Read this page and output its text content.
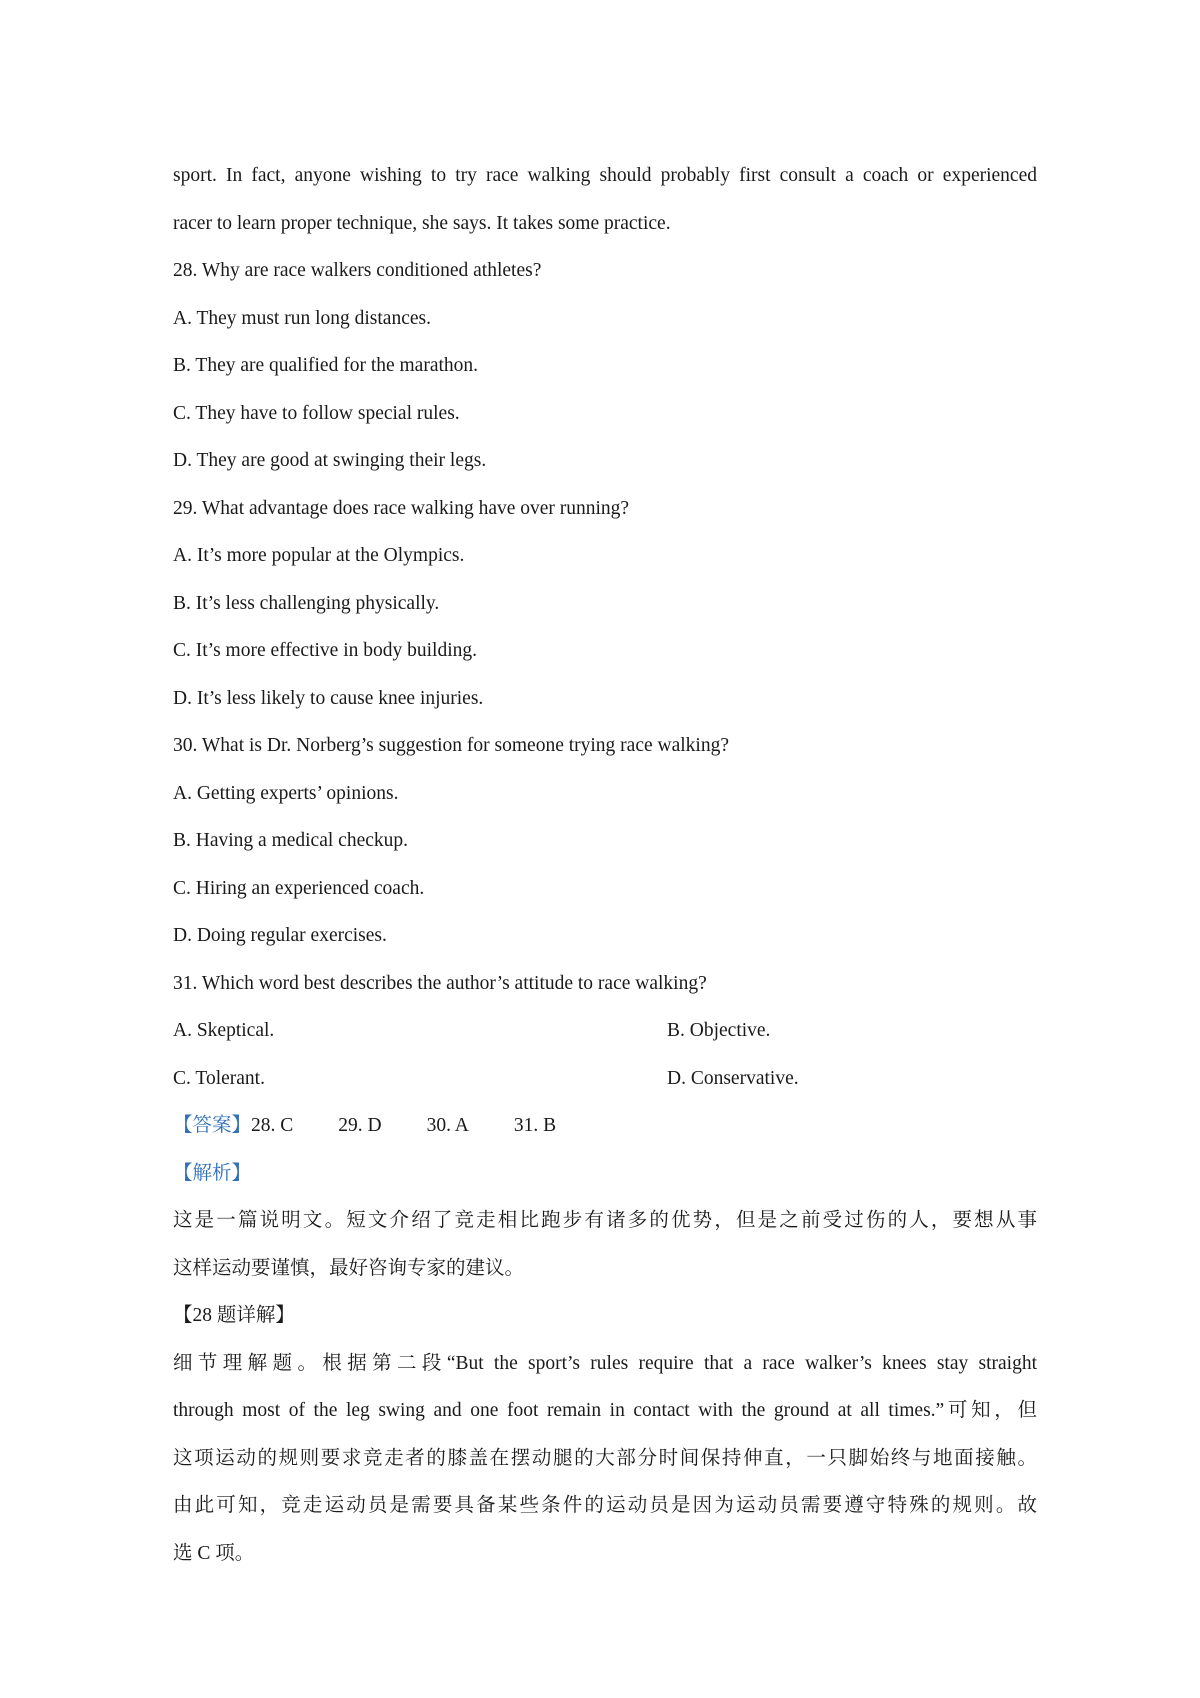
sport. In fact, anyone wishing to try race walking should probably first consult a coach or experienced
racer to learn proper technique, she says. It takes some practice.
28. Why are race walkers conditioned athletes?
A. They must run long distances.
B. They are qualified for the marathon.
C. They have to follow special rules.
D. They are good at swinging their legs.
29. What advantage does race walking have over running?
A. It’s more popular at the Olympics.
B. It’s less challenging physically.
C. It’s more effective in body building.
D. It’s less likely to cause knee injuries.
30. What is Dr. Norberg’s suggestion for someone trying race walking?
A. Getting experts’ opinions.
B. Having a medical checkup.
C. Hiring an experienced coach.
D. Doing regular exercises.
31. Which word best describes the author’s attitude to race walking?
A. Skeptical.	B. Objective.
C. Tolerant.	D. Conservative.
【答案】28. C 29. D 30. A 31. B
【解析】
这是一篇说明文。短文介绍了竞走相比跑步有诸多的优势，但是之前受过伤的人，要想从事
这样运动要谨慎，最好咨询专家的建议。
【28 题详解】
细节理解题。根据第二段“But the sport’s rules require that a race walker’s knees stay straight
through most of the leg swing and one foot remain in contact with the ground at all times.”可知，但
这项运动的规则要求竞走者的膝盖在摆动腿的大部分时间保持伸直，一只脚始终与地面接触。
由此可知，竞走运动员是需要具备某些条件的运动员是因为运动员需要遵守特殊的规则。故
选 C 项。
